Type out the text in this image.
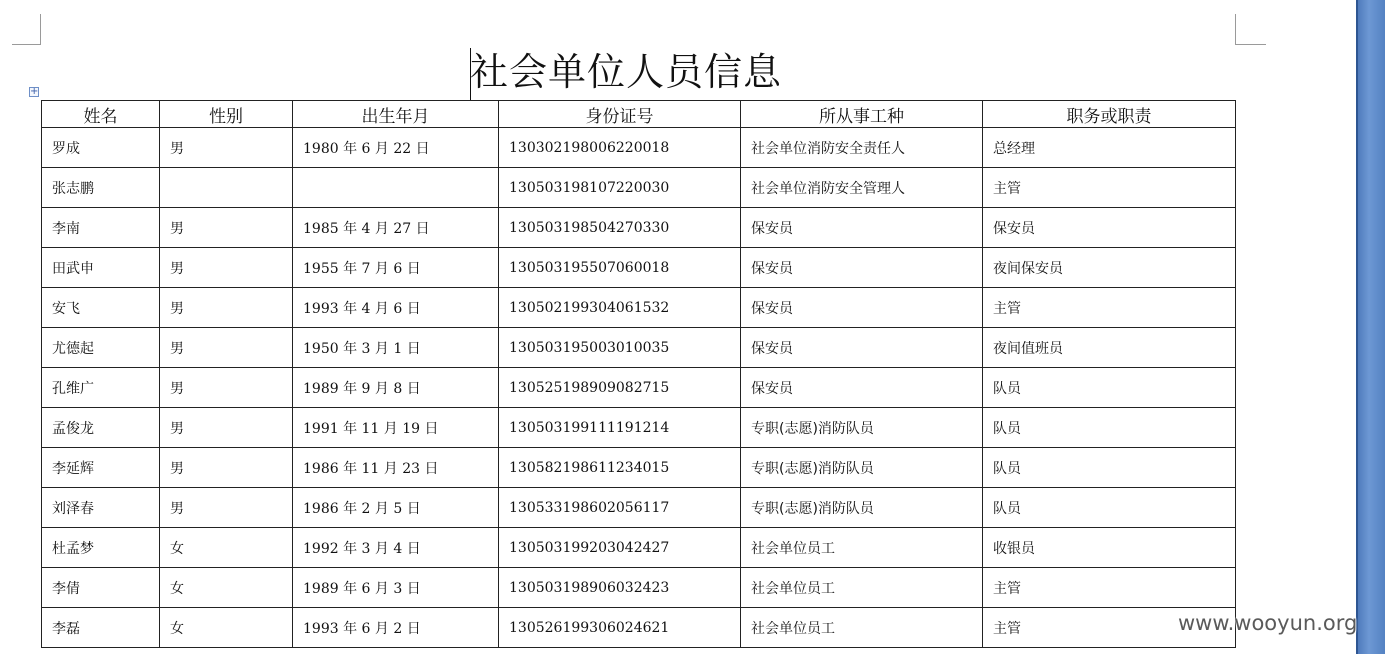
社会单位人员信息
+
姓名	性别	出生年月	身份证号	所从事工种	职务或职责
罗成	男	1980 年 6 月 22 日	130302198006220018	社会单位消防安全责任人	总经理
张志鹏			130503198107220030	社会单位消防安全管理人	主管
李南	男	1985 年 4 月 27 日	130503198504270330	保安员	保安员
田武申	男	1955 年 7 月 6 日	130503195507060018	保安员	夜间保安员
安飞	男	1993 年 4 月 6 日	130502199304061532	保安员	主管
尤德起	男	1950 年 3 月 1 日	130503195003010035	保安员	夜间值班员
孔维广	男	1989 年 9 月 8 日	130525198909082715	保安员	队员
孟俊龙	男	1991 年 11 月 19 日	130503199111191214	专职(志愿)消防队员	队员
李延辉	男	1986 年 11 月 23 日	130582198611234015	专职(志愿)消防队员	队员
刘泽春	男	1986 年 2 月 5 日	130533198602056117	专职(志愿)消防队员	队员
杜孟梦	女	1992 年 3 月 4 日	130503199203042427	社会单位员工	收银员
李倩	女	1989 年 6 月 3 日	130503198906032423	社会单位员工	主管
李磊	女	1993 年 6 月 2 日	130526199306024621	社会单位员工	主管	www.wooyun.org
